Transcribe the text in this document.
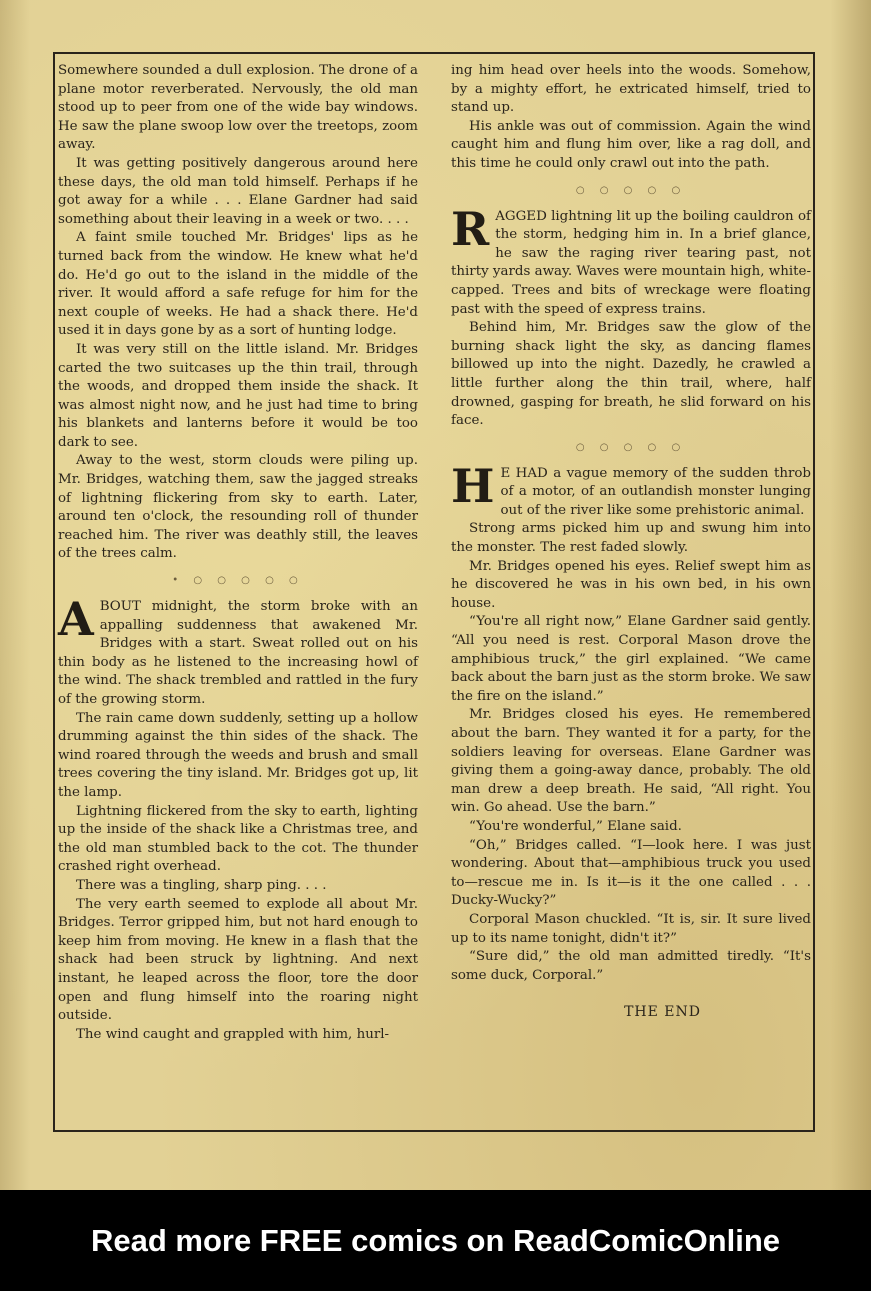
Somewhere sounded a dull explosion. The drone of a plane motor reverberated. Nervously, the old man stood up to peer from one of the wide bay windows. He saw the plane swoop low over the treetops, zoom away.

It was getting positively dangerous around here these days, the old man told himself. Perhaps if he got away for a while . . . Elane Gardner had said something about their leaving in a week or two. . . .

A faint smile touched Mr. Bridges' lips as he turned back from the window. He knew what he'd do. He'd go out to the island in the middle of the river. It would afford a safe refuge for him for the next couple of weeks. He had a shack there. He'd used it in days gone by as a sort of hunting lodge.

It was very still on the little island. Mr. Bridges carted the two suitcases up the thin trail, through the woods, and dropped them inside the shack. It was almost night now, and he just had time to bring his blankets and lanterns before it would be too dark to see.

Away to the west, storm clouds were piling up. Mr. Bridges, watching them, saw the jagged streaks of lightning flickering from sky to earth. Later, around ten o'clock, the resounding roll of thunder reached him. The river was deathly still, the leaves of the trees calm.

• ○ ○ ○ ○ ○

ABOUT midnight, the storm broke with an appalling suddenness that awakened Mr. Bridges with a start. Sweat rolled out on his thin body as he listened to the increasing howl of the wind. The shack trembled and rattled in the fury of the growing storm.

The rain came down suddenly, setting up a hollow drumming against the thin sides of the shack. The wind roared through the weeds and brush and small trees covering the tiny island. Mr. Bridges got up, lit the lamp.

Lightning flickered from the sky to earth, lighting up the inside of the shack like a Christmas tree, and the old man stumbled back to the cot. The thunder crashed right overhead.

There was a tingling, sharp ping. . . .

The very earth seemed to explode all about Mr. Bridges. Terror gripped him, but not hard enough to keep him from moving. He knew in a flash that the shack had been struck by lightning. And next instant, he leaped across the floor, tore the door open and flung himself into the roaring night outside.

The wind caught and grappled with him, hurl-

ing him head over heels into the woods. Somehow, by a mighty effort, he extricated himself, tried to stand up.

His ankle was out of commission. Again the wind caught him and flung him over, like a rag doll, and this time he could only crawl out into the path.

○ ○ ○ ○ ○

RAGGED lightning lit up the boiling cauldron of the storm, hedging him in. In a brief glance, he saw the raging river tearing past, not thirty yards away. Waves were mountain high, white-capped. Trees and bits of wreckage were floating past with the speed of express trains.

Behind him, Mr. Bridges saw the glow of the burning shack light the sky, as dancing flames billowed up into the night. Dazedly, he crawled a little further along the thin trail, where, half drowned, gasping for breath, he slid forward on his face.

○ ○ ○ ○ ○

H E HAD a vague memory of the sudden throb of a motor, of an outlandish monster lunging out of the river like some prehistoric animal.

Strong arms picked him up and swung him into the monster. The rest faded slowly.

Mr. Bridges opened his eyes. Relief swept him as he discovered he was in his own bed, in his own house.

“You're all right now,” Elane Gardner said gently. “All you need is rest. Corporal Mason drove the amphibious truck,” the girl explained. “We came back about the barn just as the storm broke. We saw the fire on the island.”

Mr. Bridges closed his eyes. He remembered about the barn. They wanted it for a party, for the soldiers leaving for overseas. Elane Gardner was giving them a going-away dance, probably. The old man drew a deep breath. He said, “All right. You win. Go ahead. Use the barn.”

“You're wonderful,” Elane said.

“Oh,” Bridges called. “I—look here. I was just wondering. About that—amphibious truck you used to—rescue me in. Is it—is it the one called . . . Ducky-Wucky?”

Corporal Mason chuckled. “It is, sir. It sure lived up to its name tonight, didn't it?”

“Sure did,” the old man admitted tiredly. “It's some duck, Corporal.”

THE END
Read more FREE comics on ReadComicOnline
